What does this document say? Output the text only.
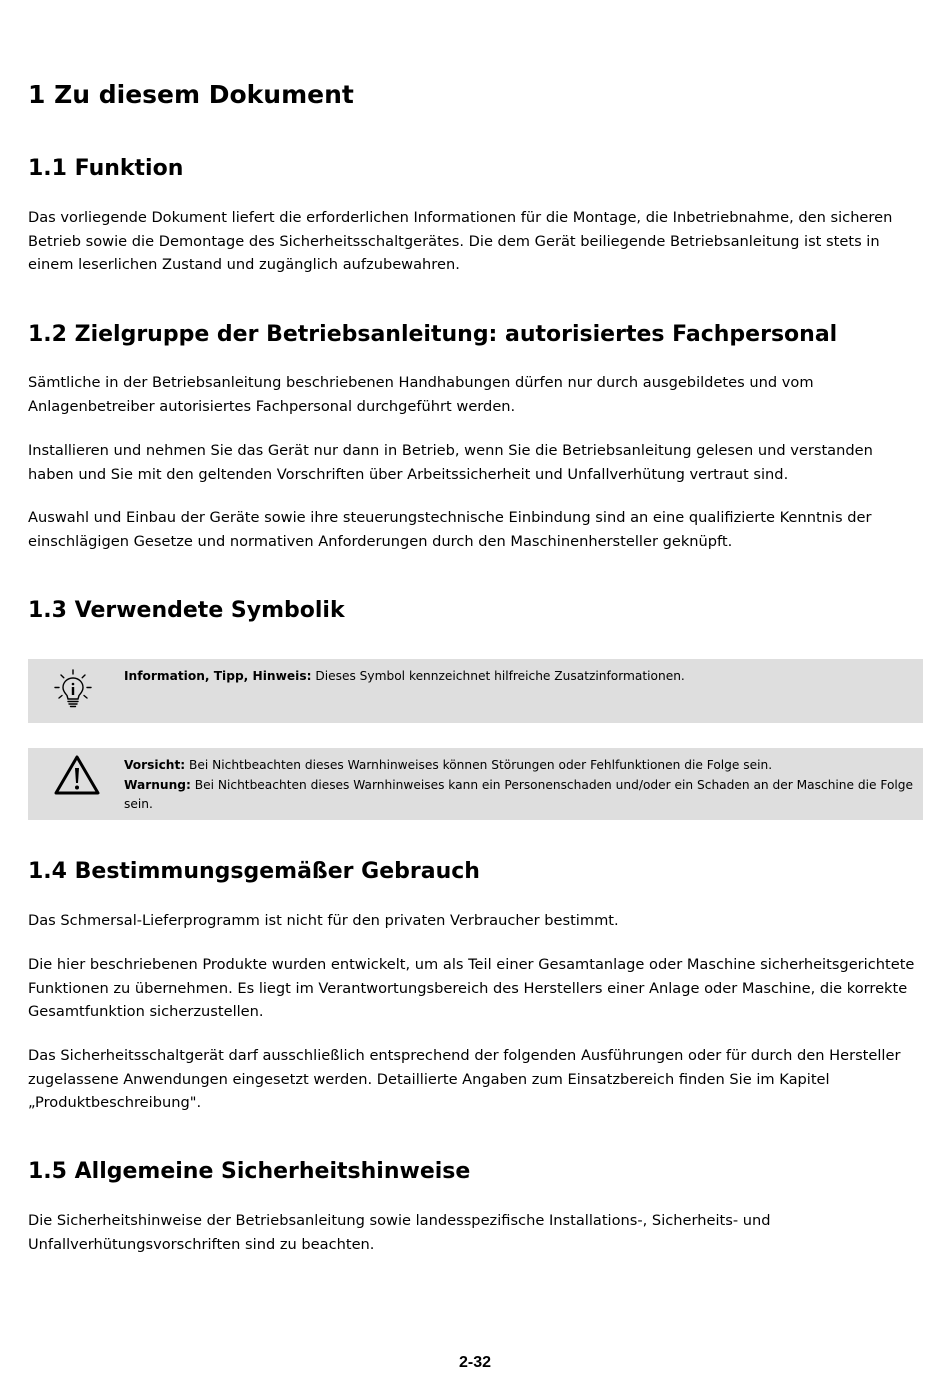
1 Zu diesem Dokument
1.1 Funktion

Das vorliegende Dokument liefert die erforderlichen Informationen für die Montage, die Inbetriebnahme, den sicheren Betrieb sowie die Demontage des Sicherheitsschaltgerätes. Die dem Gerät beiliegende Betriebsanleitung ist stets in einem leserlichen Zustand und zugänglich aufzubewahren.

1.2 Zielgruppe der Betriebsanleitung: autorisiertes Fachpersonal

Sämtliche in der Betriebsanleitung beschriebenen Handhabungen dürfen nur durch ausgebildetes und vom Anlagenbetreiber autorisiertes Fachpersonal durchgeführt werden.

Installieren und nehmen Sie das Gerät nur dann in Betrieb, wenn Sie die Betriebsanleitung gelesen und verstanden haben und Sie mit den geltenden Vorschriften über Arbeitssicherheit und Unfallverhütung vertraut sind.

Auswahl und Einbau der Geräte sowie ihre steuerungstechnische Einbindung sind an eine qualifizierte Kenntnis der einschlägigen Gesetze und normativen Anforderungen durch den Maschinenhersteller geknüpft.

1.3 Verwendete Symbolik
Information, Tipp, Hinweis: Dieses Symbol kennzeichnet hilfreiche Zusatzinformationen.
Vorsicht: Bei Nichtbeachten dieses Warnhinweises können Störungen oder Fehlfunktionen die Folge sein.
Warnung: Bei Nichtbeachten dieses Warnhinweises kann ein Personenschaden und/oder ein Schaden an der Maschine die Folge sein.
1.4 Bestimmungsgemäßer Gebrauch

Das Schmersal-Lieferprogramm ist nicht für den privaten Verbraucher bestimmt.

Die hier beschriebenen Produkte wurden entwickelt, um als Teil einer Gesamtanlage oder Maschine sicherheitsgerichtete Funktionen zu übernehmen. Es liegt im Verantwortungsbereich des Herstellers einer Anlage oder Maschine, die korrekte Gesamtfunktion sicherzustellen.

Das Sicherheitsschaltgerät darf ausschließlich entsprechend der folgenden Ausführungen oder für durch den Hersteller zugelassene Anwendungen eingesetzt werden. Detaillierte Angaben zum Einsatzbereich finden Sie im Kapitel „Produktbeschreibung".

1.5 Allgemeine Sicherheitshinweise

Die Sicherheitshinweise der Betriebsanleitung sowie landesspezifische Installations-, Sicherheits- und Unfallverhütungsvorschriften sind zu beachten.

2-32
